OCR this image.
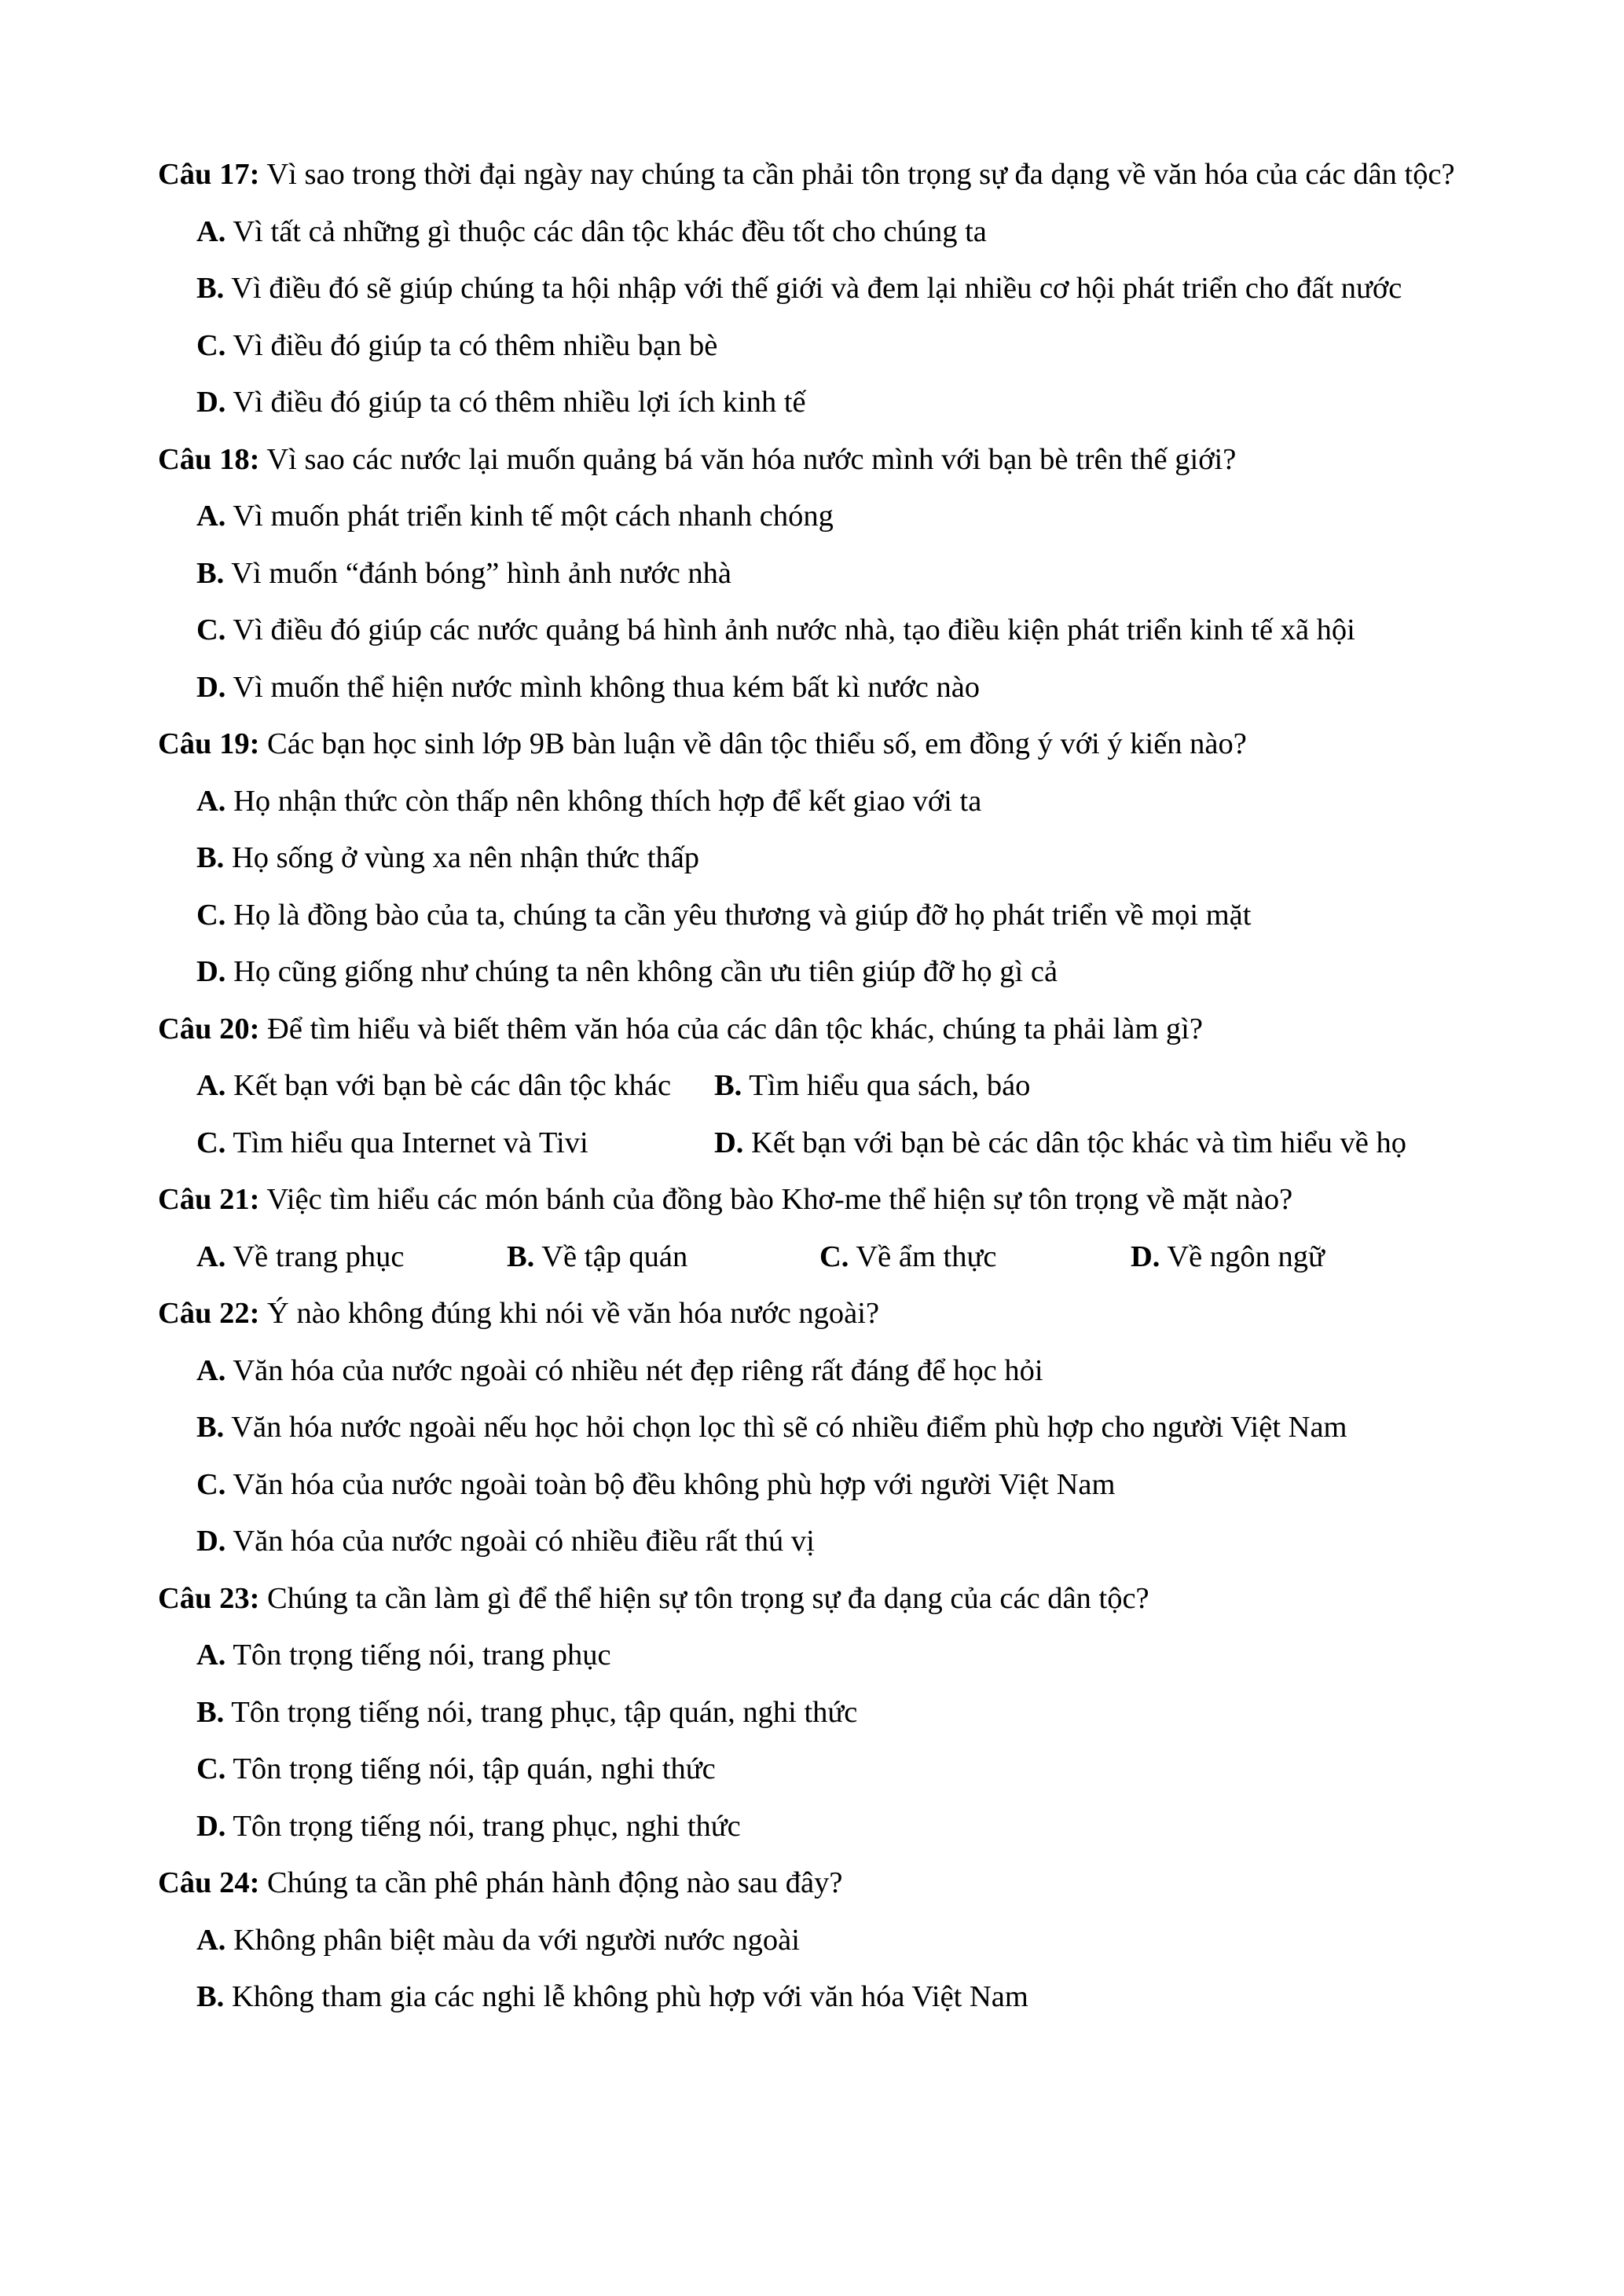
Câu 17: Vì sao trong thời đại ngày nay chúng ta cần phải tôn trọng sự đa dạng về văn hóa của các dân tộc?
A. Vì tất cả những gì thuộc các dân tộc khác đều tốt cho chúng ta
B. Vì điều đó sẽ giúp chúng ta hội nhập với thế giới và đem lại nhiều cơ hội phát triển cho đất nước
C. Vì điều đó giúp ta có thêm nhiều bạn bè
D. Vì điều đó giúp ta có thêm nhiều lợi ích kinh tế
Câu 18: Vì sao các nước lại muốn quảng bá văn hóa nước mình với bạn bè trên thế giới?
A. Vì muốn phát triển kinh tế một cách nhanh chóng
B. Vì muốn “đánh bóng” hình ảnh nước nhà
C. Vì điều đó giúp các nước quảng bá hình ảnh nước nhà, tạo điều kiện phát triển kinh tế xã hội
D. Vì muốn thể hiện nước mình không thua kém bất kì nước nào
Câu 19: Các bạn học sinh lớp 9B bàn luận về dân tộc thiểu số, em đồng ý với ý kiến nào?
A. Họ nhận thức còn thấp nên không thích hợp để kết giao với ta
B. Họ sống ở vùng xa nên nhận thức thấp
C. Họ là đồng bào của ta, chúng ta cần yêu thương và giúp đỡ họ phát triển về mọi mặt
D. Họ cũng giống như chúng ta nên không cần ưu tiên giúp đỡ họ gì cả
Câu 20: Để tìm hiểu và biết thêm văn hóa của các dân tộc khác, chúng ta phải làm gì?
A. Kết bạn với bạn bè các dân tộc khác	B. Tìm hiểu qua sách, báo
C. Tìm hiểu qua Internet và Tivi	D. Kết bạn với bạn bè các dân tộc khác và tìm hiểu về họ
Câu 21: Việc tìm hiểu các món bánh của đồng bào Khơ-me thể hiện sự tôn trọng về mặt nào?
A. Về trang phục	B. Về tập quán	C. Về ẩm thực	D. Về ngôn ngữ
Câu 22: Ý nào không đúng khi nói về văn hóa nước ngoài?
A. Văn hóa của nước ngoài có nhiều nét đẹp riêng rất đáng để học hỏi
B. Văn hóa nước ngoài nếu học hỏi chọn lọc thì sẽ có nhiều điểm phù hợp cho người Việt Nam
C. Văn hóa của nước ngoài toàn bộ đều không phù hợp với người Việt Nam
D. Văn hóa của nước ngoài có nhiều điều rất thú vị
Câu 23: Chúng ta cần làm gì để thể hiện sự tôn trọng sự đa dạng của các dân tộc?
A. Tôn trọng tiếng nói, trang phục
B. Tôn trọng tiếng nói, trang phục, tập quán, nghi thức
C. Tôn trọng tiếng nói, tập quán, nghi thức
D. Tôn trọng tiếng nói, trang phục, nghi thức
Câu 24: Chúng ta cần phê phán hành động nào sau đây?
A. Không phân biệt màu da với người nước ngoài
B. Không tham gia các nghi lễ không phù hợp với văn hóa Việt Nam
